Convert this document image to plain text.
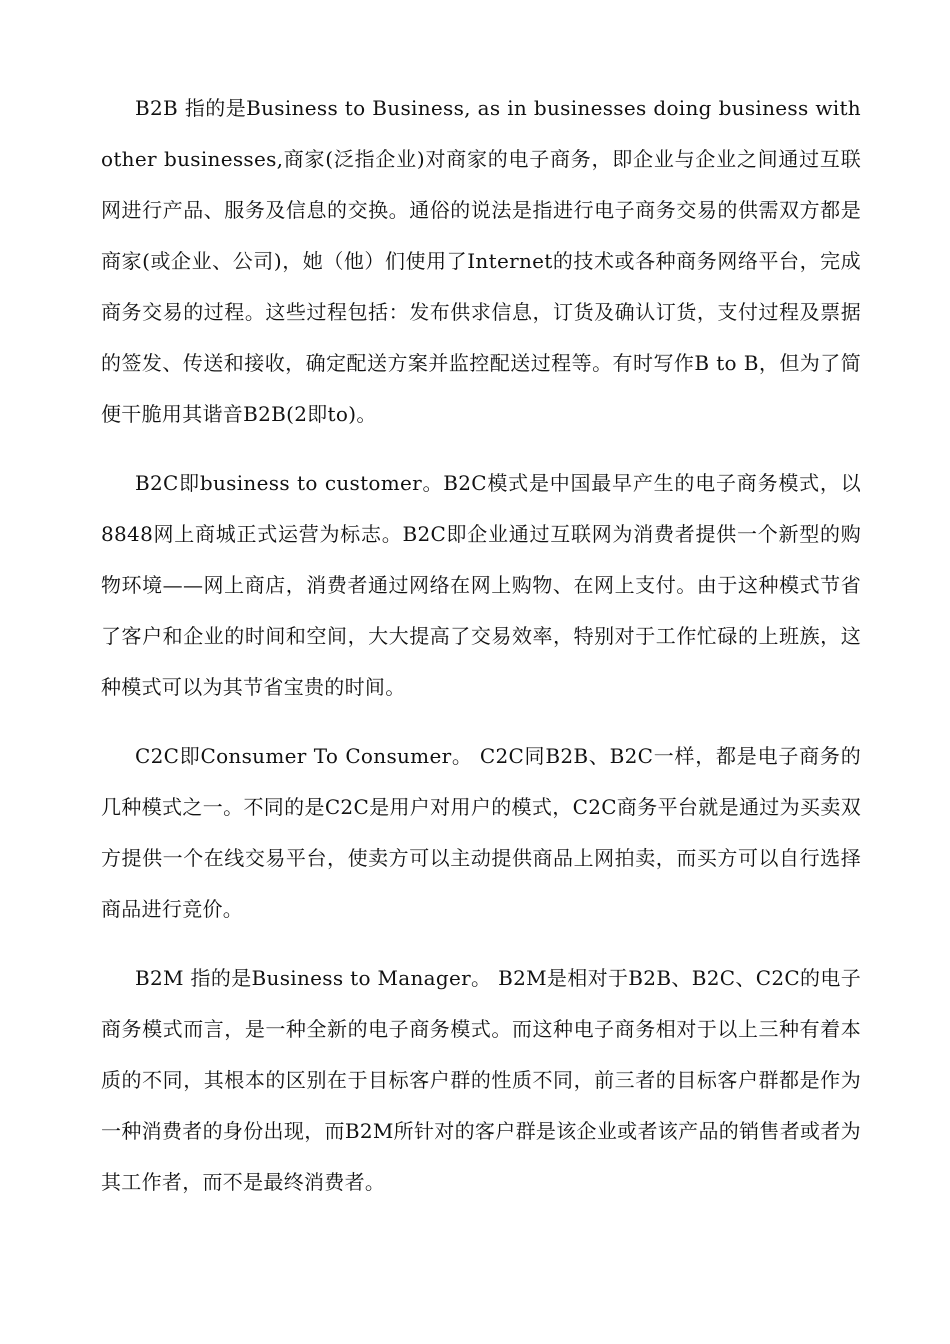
B2B 指的是Business to Business, as in businesses doing business with other businesses,商家(泛指企业)对商家的电子商务，即企业与企业之间通过互联网进行产品、服务及信息的交换。通俗的说法是指进行电子商务交易的供需双方都是商家(或企业、公司)，她（他）们使用了Internet的技术或各种商务网络平台，完成商务交易的过程。这些过程包括：发布供求信息，订货及确认订货，支付过程及票据的签发、传送和接收，确定配送方案并监控配送过程等。有时写作B to B，但为了简便干脆用其谐音B2B(2即to)。

B2C即business to customer。B2C模式是中国最早产生的电子商务模式，以8848网上商城正式运营为标志。B2C即企业通过互联网为消费者提供一个新型的购物环境——网上商店，消费者通过网络在网上购物、在网上支付。由于这种模式节省了客户和企业的时间和空间，大大提高了交易效率，特别对于工作忙碌的上班族，这种模式可以为其节省宝贵的时间。

C2C即Consumer To Consumer。 C2C同B2B、B2C一样，都是电子商务的几种模式之一。不同的是C2C是用户对用户的模式，C2C商务平台就是通过为买卖双方提供一个在线交易平台，使卖方可以主动提供商品上网拍卖，而买方可以自行选择商品进行竞价。

B2M 指的是Business to Manager。 B2M是相对于B2B、B2C、C2C的电子商务模式而言，是一种全新的电子商务模式。而这种电子商务相对于以上三种有着本质的不同，其根本的区别在于目标客户群的性质不同，前三者的目标客户群都是作为一种消费者的身份出现，而B2M所针对的客户群是该企业或者该产品的销售者或者为其工作者，而不是最终消费者。
